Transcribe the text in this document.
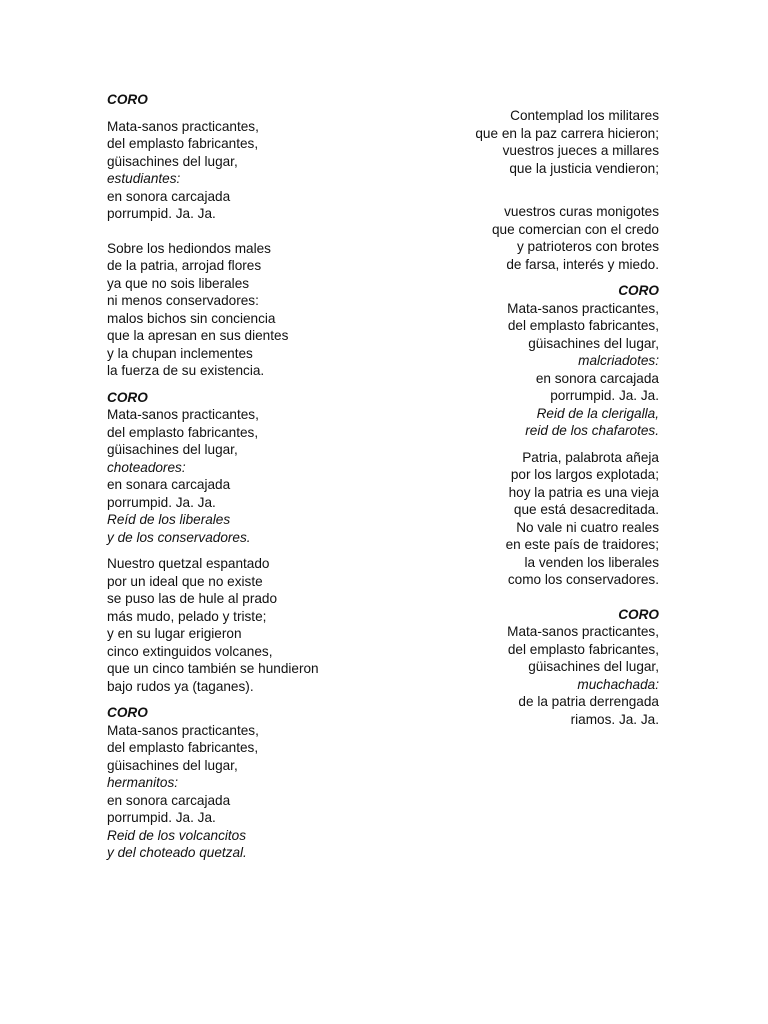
CORO
Mata-sanos practicantes,
del emplasto fabricantes,
güisachines del lugar,
estudiantes:
en sonora carcajada
porrumpid. Ja. Ja.
Sobre los hediondos males
de la patria, arrojad flores
ya que no sois liberales
ni menos conservadores:
malos bichos sin conciencia
que la apresan en sus dientes
y la chupan inclementes
la fuerza de su existencia.
CORO
Mata-sanos practicantes,
del emplasto fabricantes,
güisachines del lugar,
choteadores:
en sonara carcajada
porrumpid. Ja. Ja.
Reíd de los liberales
y de los conservadores.
Nuestro quetzal espantado
por un ideal que no existe
se puso las de hule al prado
más mudo, pelado y triste;
y en su lugar erigieron
cinco extinguidos volcanes,
que un cinco también se hundieron
bajo rudos ya (taganes).
CORO
Mata-sanos practicantes,
del emplasto fabricantes,
güisachines del lugar,
hermanitos:
en sonora carcajada
porrumpid. Ja. Ja.
Reid de los volcancitos
y del choteado quetzal.
Contemplad los militares
que en la paz carrera hicieron;
vuestros jueces a millares
que la justicia vendieron;
vuestros curas monigotes
que comercian con el credo
y patrioteros con brotes
de farsa, interés y miedo.
CORO
Mata-sanos practicantes,
del emplasto fabricantes,
güisachines del lugar,
malcriadotes:
en sonora carcajada
porrumpid. Ja. Ja.
Reid de la clerigalla,
reid de los chafarotes.
Patria, palabrota añeja
por los largos explotada;
hoy la patria es una vieja
que está desacreditada.
No vale ni cuatro reales
en este país de traidores;
la venden los liberales
como los conservadores.
CORO
Mata-sanos practicantes,
del emplasto fabricantes,
güisachines del lugar,
muchachada:
de la patria derrengada
riamos. Ja. Ja.
